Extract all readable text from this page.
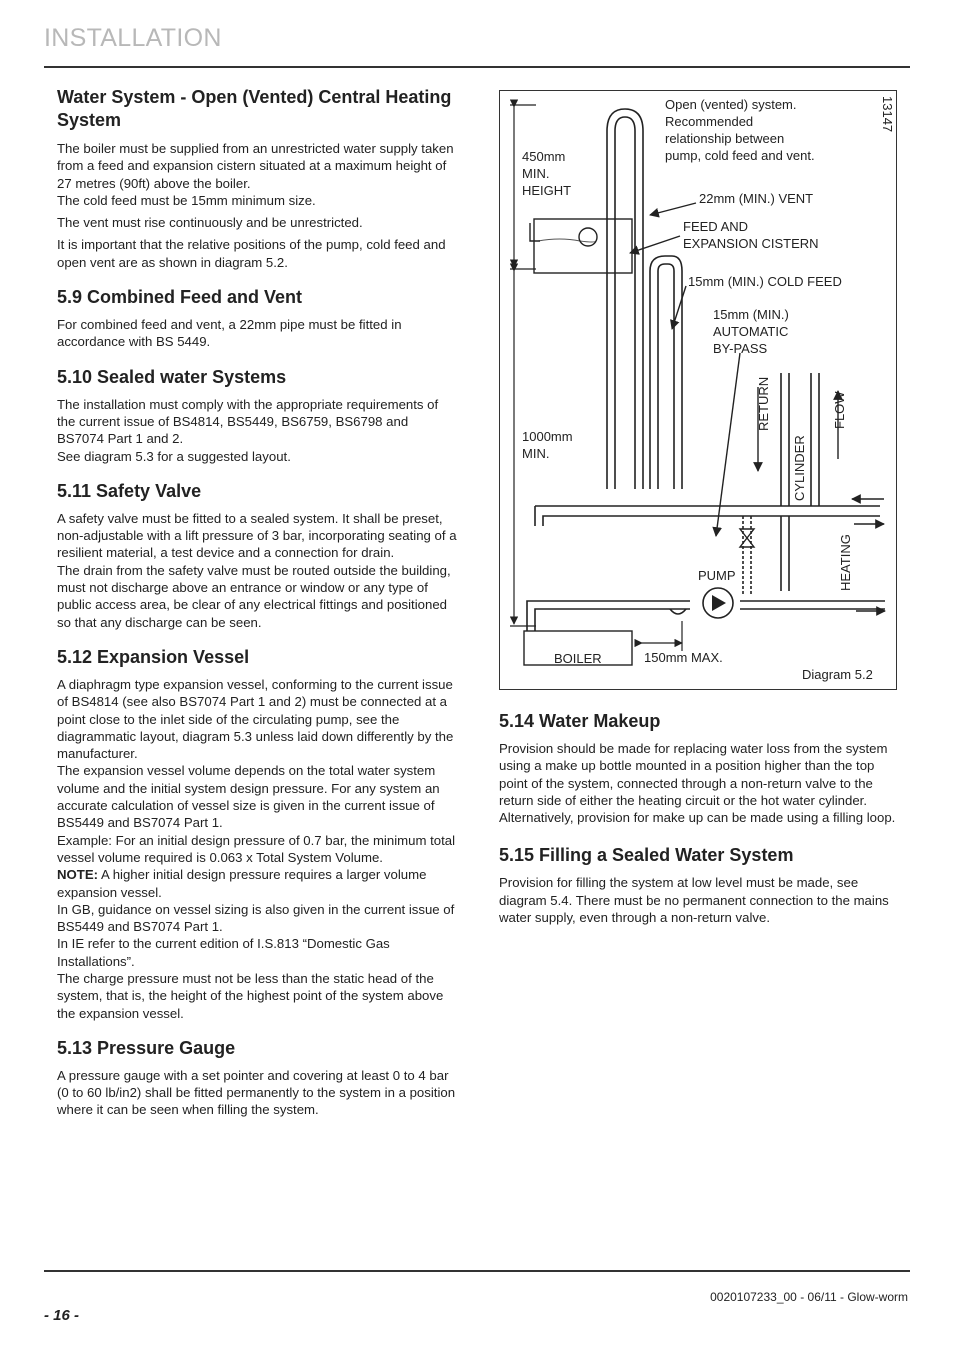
INSTALLATION
Water System - Open (Vented) Central Heating System

The boiler must be supplied from an unrestricted water supply taken from a feed and expansion cistern situated at a maximum height of 27 metres (90ft) above the boiler.

The cold feed must be 15mm minimum size.

The vent must rise continuously and be unrestricted.

It is important that the relative positions of the pump, cold feed and open vent are as shown in diagram 5.2.

5.9 Combined Feed and Vent

For combined feed and vent, a 22mm pipe must be fitted in accordance with BS 5449.

5.10 Sealed water Systems

The installation must comply with the appropriate requirements of the current issue of BS4814, BS5449, BS6759, BS6798 and BS7074 Part 1 and 2.

See diagram 5.3 for a suggested layout.

5.11 Safety Valve

A safety valve must be fitted to a sealed system. It shall be preset, non-adjustable with a lift pressure of 3 bar, incorporating seating of a resilient material, a test device and a connection for drain.

The drain from the safety valve must be routed outside the building, must not discharge above an entrance or window or any type of public access area, be clear of any electrical fittings and positioned so that any discharge can be seen.

5.12 Expansion Vessel

A diaphragm type expansion vessel, conforming to the current issue of BS4814 (see also BS7074 Part 1 and 2) must be connected at a point close to the inlet side of the circulating pump, see the diagrammatic layout, diagram 5.3 unless laid down differently by the manufacturer.

The expansion vessel volume depends on the total water system volume and the initial system design pressure. For any system an accurate calculation of vessel size is given in the current issue of BS5449 and BS7074 Part 1.

Example: For an initial design pressure of 0.7 bar, the minimum total vessel volume required is 0.063 x Total System Volume.

NOTE: A higher initial design pressure requires a larger volume expansion vessel.

In GB, guidance on vessel sizing is also given in the current issue of BS5449 and BS7074 Part 1.

In IE refer to the current edition of I.S.813 “Domestic Gas Installations”.

The charge pressure must not be less than the static head of the system, that is, the height of the highest point of the system above the expansion vessel.

5.13 Pressure Gauge

A pressure gauge with a set pointer and covering at least 0 to 4 bar (0 to 60 lb/in2) shall be fitted permanently to the system in a position where it can be seen when filling the system.

Open (vented) system.
Recommended
relationship between
pump, cold feed and vent.
13147
450mm
MIN.
HEIGHT
22mm (MIN.) VENT
FEED AND
EXPANSION CISTERN
15mm (MIN.) COLD FEED
15mm (MIN.)
AUTOMATIC
BY-PASS
RETURN
CYLINDER
FLOW
1000mm
MIN.
HEATING
PUMP
BOILER	150mm MAX.
Diagram 5.2
5.14 Water Makeup

Provision should be made for replacing water loss from the system using a make up bottle mounted in a position higher than the top point of the system, connected through a non-return valve to the return side of either the heating circuit or the hot water cylinder. Alternatively, provision for make up can be made using a filling loop.

5.15 Filling a Sealed Water System

Provision for filling the system at low level must be made, see diagram 5.4. There must be no permanent connection to the mains water supply, even through a non-return valve.

0020107233_00 - 06/11 - Glow-worm
- 16 -
